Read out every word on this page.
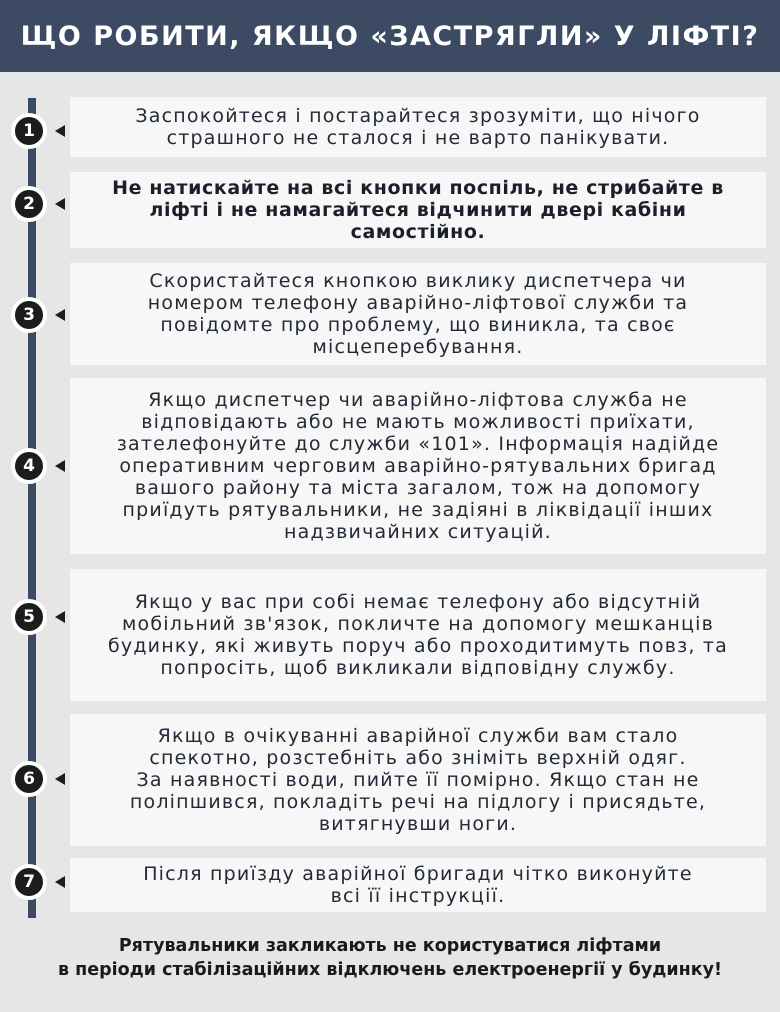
ЩО РОБИТИ, ЯКЩО «ЗАСТРЯГЛИ» У ЛІФТІ?
1

Заспокойтеся і постарайтеся зрозуміти, що нічого
страшного не сталося і не варто панікувати.

2

Не натискайте на всі кнопки поспіль, не стрибайте в
ліфті і не намагайтеся відчинити двері кабіни
самостійно.

3

Скористайтеся кнопкою виклику диспетчера чи
номером телефону аварійно-ліфтової служби та
повідомте про проблему, що виникла, та своє
місцеперебування.

4

Якщо диспетчер чи аварійно-ліфтова служба не
відповідають або не мають можливості приїхати,
зателефонуйте до служби «101». Інформація надійде
оперативним черговим аварійно-рятувальних бригад
вашого району та міста загалом, тож на допомогу
приїдуть рятувальники, не задіяні в ліквідації інших
надзвичайних ситуацій.

5

Якщо у вас при собі немає телефону або відсутній
мобільний зв'язок, покличте на допомогу мешканців
будинку, які живуть поруч або проходитимуть повз, та
попросіть, щоб викликали відповідну службу.

6

Якщо в очікуванні аварійної служби вам стало
спекотно, розстебніть або зніміть верхній одяг.
За наявності води, пийте її помірно. Якщо стан не
поліпшився, покладіть речі на підлогу і присядьте,
витягнувши ноги.

7	Після приїзду аварійної бригади чітко виконуйте
всі її інструкції.

Рятувальники закликають не користуватися ліфтами
в періоди стабілізаційних відключень електроенергії у будинку!
